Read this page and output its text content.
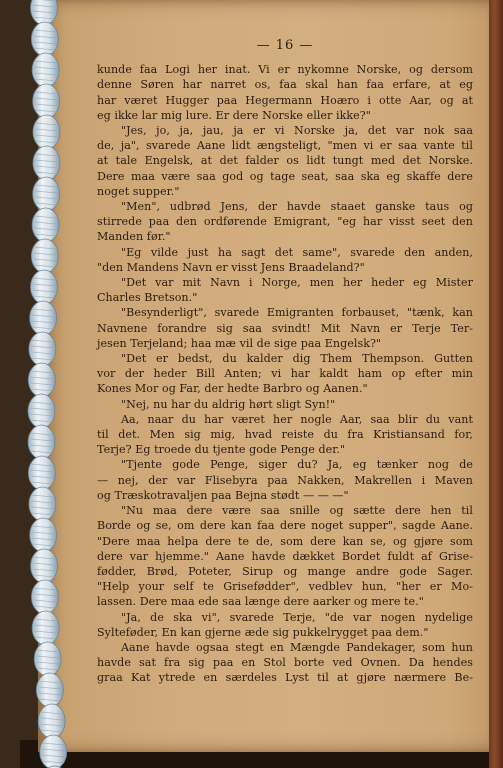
— 16 —
kunde faa Logi her inat. Vi er nykomne Norske, og dersom
denne Søren har narret os, faa skal han faa erfare, at eg
har været Hugger paa Hegermann Hoæro i otte Aar, og at
eg ikke lar mig lure. Er dere Norske eller ikke?"
"Jes, jo, ja, jau, ja er vi Norske ja, det var nok saa
de, ja", svarede Aane lidt ængsteligt, "men vi er saa vante til
at tale Engelsk, at det falder os lidt tungt med det Norske.
Dere maa være saa god og tage seat, saa ska eg skaffe dere
noget supper."
"Men", udbrød Jens, der havde staaet ganske taus og
stirrede paa den ordførende Emigrant, "eg har visst seet den
Manden før."
"Eg vilde just ha sagt det same", svarede den anden,
"den Mandens Navn er visst Jens Braadeland?"
"Det var mit Navn i Norge, men her heder eg Mister
Charles Bretson."
"Besynderligt", svarede Emigranten forbauset, "tænk, kan
Navnene forandre sig saa svindt! Mit Navn er Terje Ter-
jesen Terjeland; haa mæ vil de sige paa Engelsk?"
"Det er bedst, du kalder dig Them Thempson. Gutten
vor der heder Bill Anten; vi har kaldt ham op efter min
Kones Mor og Far, der hedte Barbro og Aanen."
"Nej, nu har du aldrig hørt sligt Syn!"
Aa, naar du har været her nogle Aar, saa blir du vant
til det. Men sig mig, hvad reiste du fra Kristiansand for,
Terje? Eg troede du tjente gode Penge der."
"Tjente gode Penge, siger du? Ja, eg tænker nog de
— nej, der var Flisebyra paa Nakken, Makrellen i Maven
og Træskotravaljen paa Bejna stødt — — —"
"Nu maa dere være saa snille og sætte dere hen til
Borde og se, om dere kan faa dere noget supper", sagde Aane.
"Dere maa helpa dere te de, som dere kan se, og gjøre som
dere var hjemme." Aane havde dækket Bordet fuldt af Grise-
fødder, Brød, Poteter, Sirup og mange andre gode Sager.
"Help your self te Grisefødder", vedblev hun, "her er Mo-
lassen. Dere maa ede saa længe dere aarker og mere te."
"Ja, de ska vi", svarede Terje, "de var nogen nydelige
Sylteføder, En kan gjerne æde sig pukkelrygget paa dem."
Aane havde ogsaa stegt en Mængde Pandekager, som hun
havde sat fra sig paa en Stol borte ved Ovnen. Da hendes
graa Kat ytrede en særdeles Lyst til at gjøre nærmere Be-
